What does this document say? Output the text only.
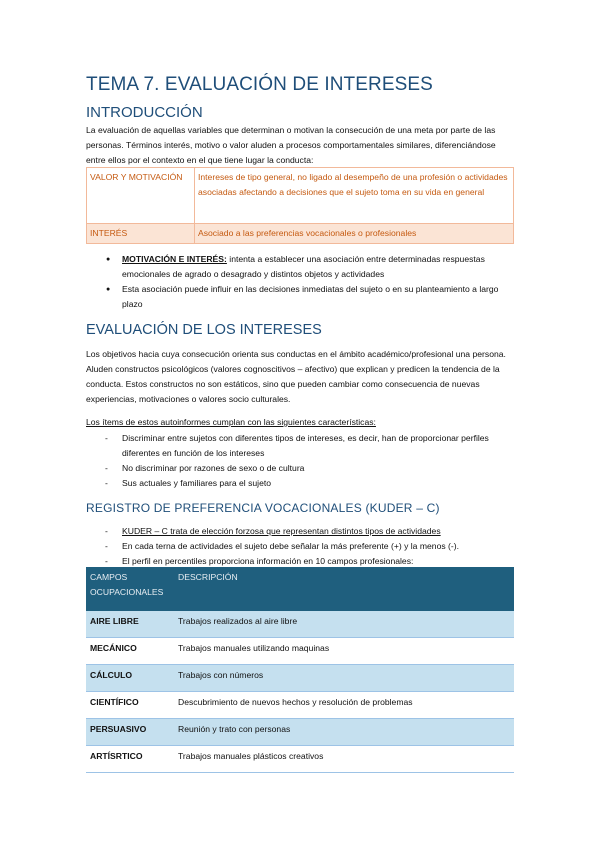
TEMA 7. EVALUACIÓN DE INTERESES
INTRODUCCIÓN

La evaluación de aquellas variables que determinan o motivan la consecución de una meta por parte de las personas. Términos interés, motivo o valor aluden a procesos comportamentales similares, diferenciándose entre ellos por el contexto en el que tiene lugar la conducta:

VALOR Y MOTIVACIÓN	Intereses de tipo general, no ligado al desempeño de una profesión o actividades asociadas afectando a decisiones que el sujeto toma en su vida en general
INTERÉS	Asociado a las preferencias vocacionales o profesionales
● MOTIVACIÓN E INTERÉS: intenta a establecer una asociación entre determinadas respuestas emocionales de agrado o desagrado y distintos objetos y actividades
● Esta asociación puede influir en las decisiones inmediatas del sujeto o en su planteamiento a largo plazo
EVALUACIÓN DE LOS INTERESES

Los objetivos hacia cuya consecución orienta sus conductas en el ámbito académico/profesional una persona. Aluden constructos psicológicos (valores cognoscitivos – afectivo) que explican y predicen la tendencia de la conducta. Estos constructos no son estáticos, sino que pueden cambiar como consecuencia de nuevas experiencias, motivaciones o valores socio culturales.

Los ítems de estos autoinformes cumplan con las siguientes características:

- Discriminar entre sujetos con diferentes tipos de intereses, es decir, han de proporcionar perfiles diferentes en función de los intereses
- No discriminar por razones de sexo o de cultura
- Sus actuales y familiares para el sujeto
REGISTRO DE PREFERENCIA VOCACIONALES (KUDER – C)
- KUDER – C trata de elección forzosa que representan distintos tipos de actividades
- En cada terna de actividades el sujeto debe señalar la más preferente (+) y la menos (-).
- El perfil en percentiles proporciona información en 10 campos profesionales:
CAMPOS OCUPACIONALES	DESCRIPCIÓN
AIRE LIBRE	Trabajos realizados al aire libre
MECÁNICO	Trabajos manuales utilizando maquinas
CÁLCULO	Trabajos con números
CIENTÍFICO	Descubrimiento de nuevos hechos y resolución de problemas
PERSUASIVO	Reunión y trato con personas
ARTÍSRTICO	Trabajos manuales plásticos creativos
